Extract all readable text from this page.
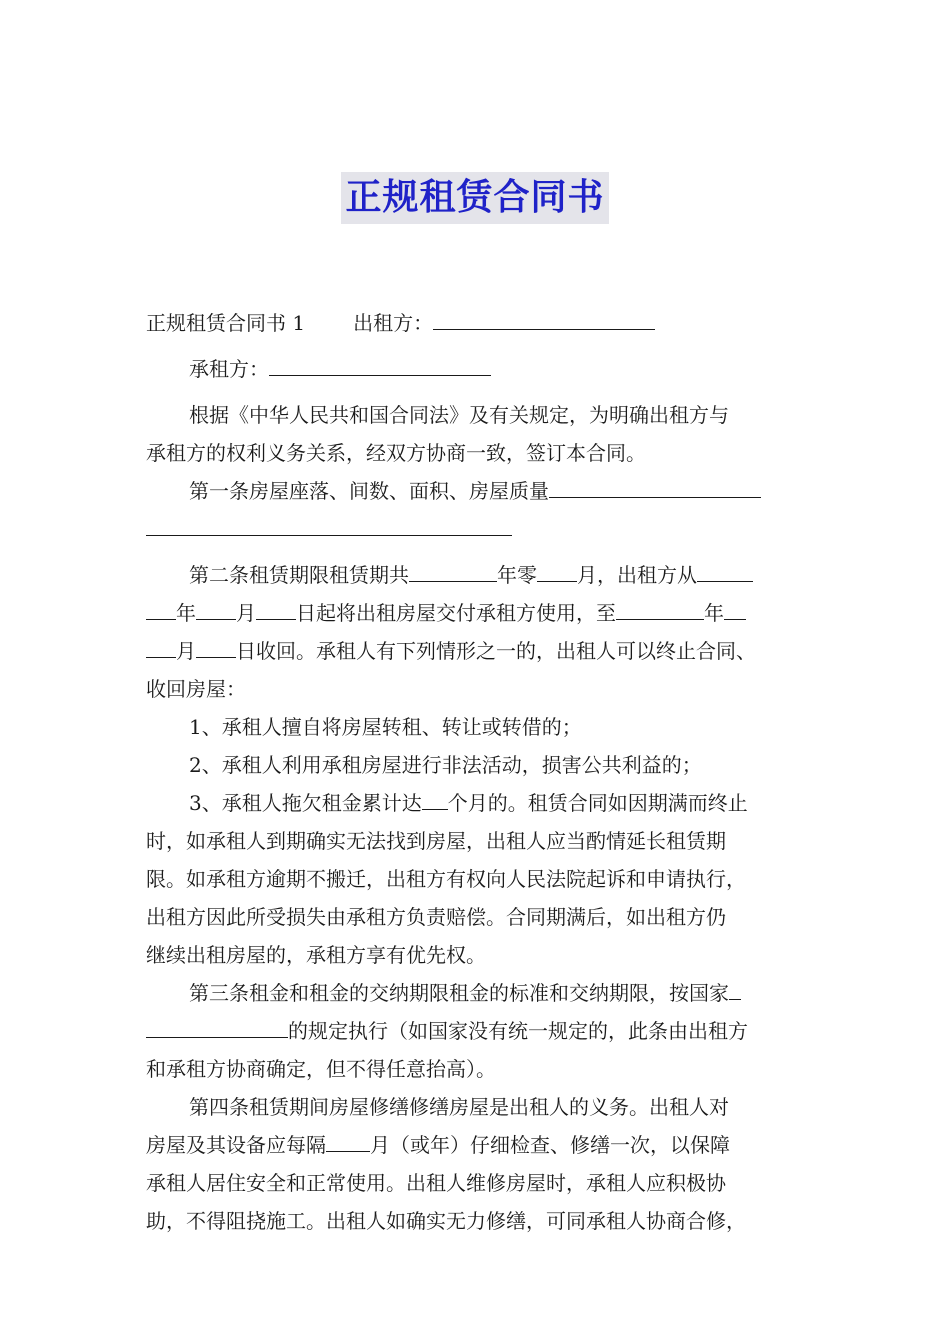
正规租赁合同书
正规租赁合同书 1 出租方：
承租方：
根据《中华人民共和国合同法》及有关规定，为明确出租方与
承租方的权利义务关系，经双方协商一致，签订本合同。
第一条房屋座落、间数、面积、房屋质量
第二条租赁期限租赁期共	年零 月，出租方从
年 月 日起将出租房屋交付承租方使用，至	年
月 日收回。承租人有下列情形之一的，出租人可以终止合同、
收回房屋：
1、承租人擅自将房屋转租、转让或转借的；
2、承租人利用承租房屋进行非法活动，损害公共利益的；
3、承租人拖欠租金累计达 个月的。租赁合同如因期满而终止
时，如承租人到期确实无法找到房屋，出租人应当酌情延长租赁期
限。如承租方逾期不搬迁，出租方有权向人民法院起诉和申请执行，
出租方因此所受损失由承租方负责赔偿。合同期满后，如出租方仍
继续出租房屋的，承租方享有优先权。
第三条租金和租金的交纳期限租金的标准和交纳期限，按国家
的规定执行（如国家没有统一规定的，此条由出租方
和承租方协商确定，但不得任意抬高）。
第四条租赁期间房屋修缮修缮房屋是出租人的义务。出租人对
房屋及其设备应每隔 月（或年）仔细检查、修缮一次，以保障
承租人居住安全和正常使用。出租人维修房屋时，承租人应积极协
助，不得阻挠施工。出租人如确实无力修缮，可同承租人协商合修，
